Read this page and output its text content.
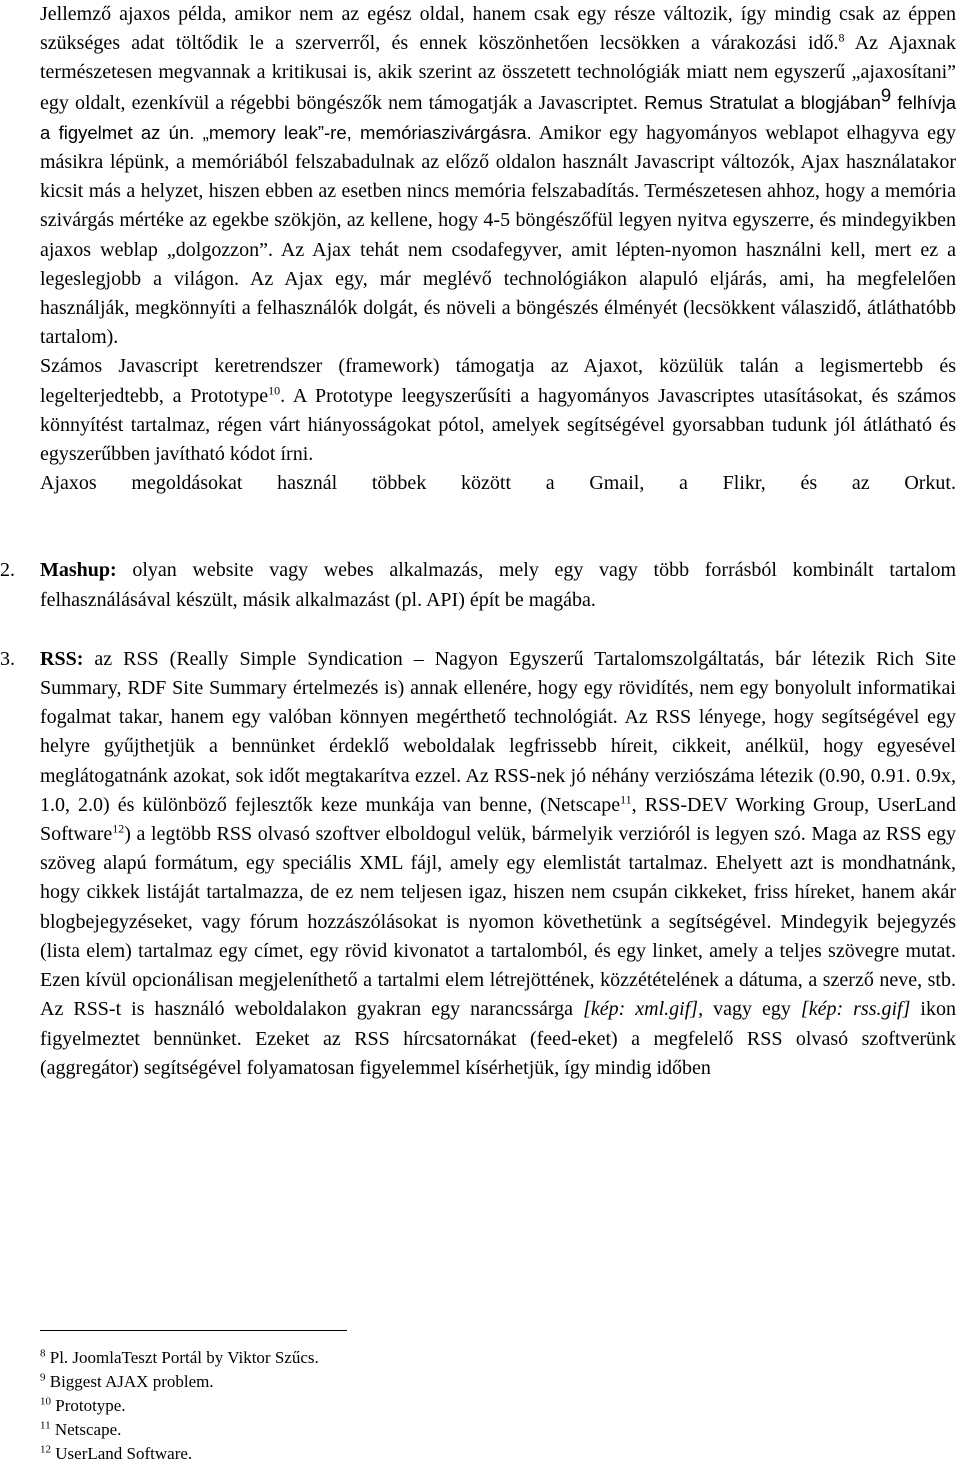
Jellemző ajaxos példa, amikor nem az egész oldal, hanem csak egy része változik, így mindig csak az éppen szükséges adat töltődik le a szerverről, és ennek köszönhetően lecsökken a várakozási idő.$^8$ Az Ajaxnak természetesen megvannak a kritikusai is, akik szerint az összetett technológiák miatt nem egyszerű „ajaxosítani” egy oldalt, ezenkívül a régebbi böngészők nem támogatják a Javascriptet. Remus Stratulat a blogjában$^9$ felhívja a figyelmet az ún. „memory leak”-re, memóriaszivárgásra. Amikor egy hagyományos weblapot elhagyva egy másikra lépünk, a memóriából felszabadulnak az előző oldalon használt Javascript változók, Ajax használatakor kicsit más a helyzet, hiszen ebben az esetben nincs memória felszabadítás. Természetesen ahhoz, hogy a memória szivárgás mértéke az egekbe szökjön, az kellene, hogy 4-5 böngészőfül legyen nyitva egyszerre, és mindegyikben ajaxos weblap „dolgozzon”. Az Ajax tehát nem csodafegyver, amit lépten-nyomon használni kell, mert ez a legeslegjobb a világon. Az Ajax egy, már meglévő technológiákon alapuló eljárás, ami, ha megfelelően használják, megkönnyíti a felhasználók dolgát, és növeli a böngészés élményét (lecsökkent válaszidő, átláthatóbb tartalom).

Számos Javascript keretrendszer (framework) támogatja az Ajaxot, közülük talán a legismertebb és legelterjedtebb, a Prototype$^{10}$. A Prototype leegyszerűsíti a hagyományos Javascriptes utasításokat, és számos könnyítést tartalmaz, régen várt hiányosságokat pótol, amelyek segítségével gyorsabban tudunk jól átlátható és egyszerűbben javítható kódot írni.

Ajaxos megoldásokat használ többek között a Gmail, a Flikr, és az Orkut.

2. Mashup: olyan website vagy webes alkalmazás, mely egy vagy több forrásból kombinált tartalom felhasználásával készült, másik alkalmazást (pl. API) épít be magába.

3. RSS: az RSS (Really Simple Syndication – Nagyon Egyszerű Tartalomszolgáltatás, bár létezik Rich Site Summary, RDF Site Summary értelmezés is) annak ellenére, hogy egy rövidítés, nem egy bonyolult informatikai fogalmat takar, hanem egy valóban könnyen megérthető technológiát. Az RSS lényege, hogy segítségével egy helyre gyűjthetjük a bennünket érdeklő weboldalak legfrissebb híreit, cikkeit, anélkül, hogy egyesével meglátogatnánk azokat, sok időt megtakarítva ezzel. Az RSS-nek jó néhány verziószáma létezik (0.90, 0.91. 0.9x, 1.0, 2.0) és különböző fejlesztők keze munkája van benne, (Netscape$^{11}$, RSS-DEV Working Group, UserLand Software$^{12}$) a legtöbb RSS olvasó szoftver elboldogul velük, bármelyik verzióról is legyen szó. Maga az RSS egy szöveg alapú formátum, egy speciális XML fájl, amely egy elemlistát tartalmaz. Ehelyett azt is mondhatnánk, hogy cikkek listáját tartalmazza, de ez nem teljesen igaz, hiszen nem csupán cikkeket, friss híreket, hanem akár blogbejegyzéseket, vagy fórum hozzászólásokat is nyomon követhetünk a segítségével. Mindegyik bejegyzés (lista elem) tartalmaz egy címet, egy rövid kivonatot a tartalomból, és egy linket, amely a teljes szövegre mutat. Ezen kívül opcionálisan megjeleníthető a tartalmi elem létrejöttének, közzétételének a dátuma, a szerző neve, stb. Az RSS-t is használó weboldalakon gyakran egy narancssárga [kép: xml.gif], vagy egy [kép: rss.gif] ikon figyelmeztet bennünket. Ezeket az RSS hírcsatornákat (feed-eket) a megfelelő RSS olvasó szoftverünk (aggregátor) segítségével folyamatosan figyelemmel kísérhetjük, így mindig időben

$^8$ Pl. JoomlaTeszt Portál by Viktor Szűcs.
$^9$ Biggest AJAX problem.
$^{10}$ Prototype.
$^{11}$ Netscape.
$^{12}$ UserLand Software.
